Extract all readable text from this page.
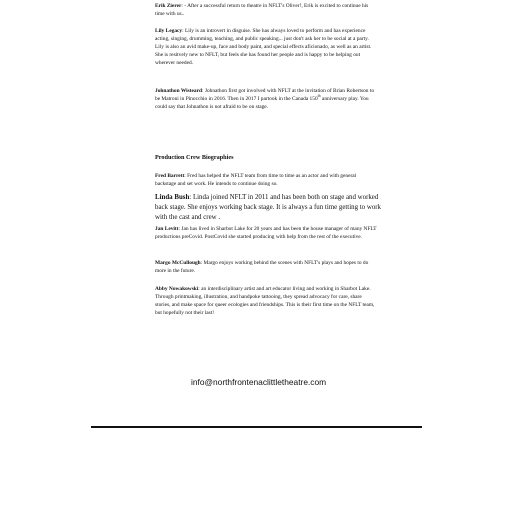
Erik Zierer: - After a successful return to theatre in NFLT's Oliver!, Erik is excited to continue his time with us..

Lily Legacy: Lily is an introvert in disguise. She has always loved to perform and has experience acting, singing, drumming, teaching, and public speaking... just don't ask her to be social at a party. Lily is also an avid make-up, face and body paint, and special effects aficionado, as well as an artist. She is resitvely new to NFLT, but feels she has found her people and is happy to be helping out wherever needed.

Johnathon Wisteard: Johnathon first got involved with NFLT at the invitation of Brian Robertson to be Matroni in Pinocchio in 2016. Then in 2017 I partook in the Canada 150th anniversary play. You could say that Johnathon is not afraid to be on stage.

Production Crew Biographies

Fred Barrett: Fred has helped the NFLT team from time to time as an actor and with general backstage and set work. He intends to continue doing so.

Linda Bush: Linda joined NFLT in 2011 and has been both on stage and worked back stage. She enjoys working back stage. It is always a fun time getting to work with the cast and crew .

Jan Levitt: Jan has lived in Sharbot Lake for 20 years and has been the house manager of many NFLT productions preCovid. PostCovid she started producing with help from the rest of the executive.

Margo McCullough: Margo enjoys working behind the scenes with NFLT's plays and hopes to do more in the future.

Abby Nowakowski: an interdisciplinary artist and art educator living and working in Sharbot Lake. Through printmaking, illustration, and handpoke tattooing, they spread advocacy for care, share stories, and make space for queer ecologies and friendships. This is their first time on the NFLT team, but hopefully not their last!

info@northfrontenaclittletheatre.com
